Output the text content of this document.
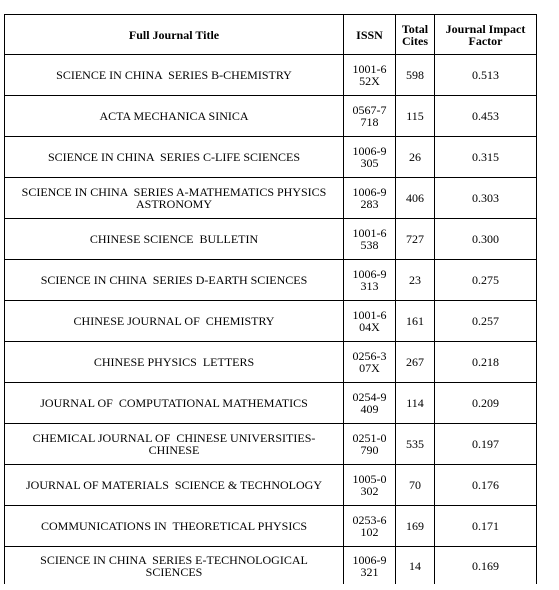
Full Journal Title	ISSN	Total Cites	Journal Impact Factor
SCIENCE IN CHINA  SERIES B-CHEMISTRY	1001-652X	598	0.513
ACTA MECHANICA SINICA	0567-7718	115	0.453
SCIENCE IN CHINA  SERIES C-LIFE SCIENCES	1006-9305	26	0.315
SCIENCE IN CHINA  SERIES A-MATHEMATICS PHYSICS ASTRONOMY	1006-9283	406	0.303
CHINESE SCIENCE  BULLETIN	1001-6538	727	0.300
SCIENCE IN CHINA  SERIES D-EARTH SCIENCES	1006-9313	23	0.275
CHINESE JOURNAL OF  CHEMISTRY	1001-604X	161	0.257
CHINESE PHYSICS  LETTERS	0256-307X	267	0.218
JOURNAL OF  COMPUTATIONAL MATHEMATICS	0254-9409	114	0.209
CHEMICAL JOURNAL OF  CHINESE UNIVERSITIES-CHINESE	0251-0790	535	0.197
JOURNAL OF MATERIALS  SCIENCE & TECHNOLOGY	1005-0302	70	0.176
COMMUNICATIONS IN  THEORETICAL PHYSICS	0253-6102	169	0.171
SCIENCE IN CHINA  SERIES E-TECHNOLOGICAL SCIENCES	1006-9321	14	0.169
